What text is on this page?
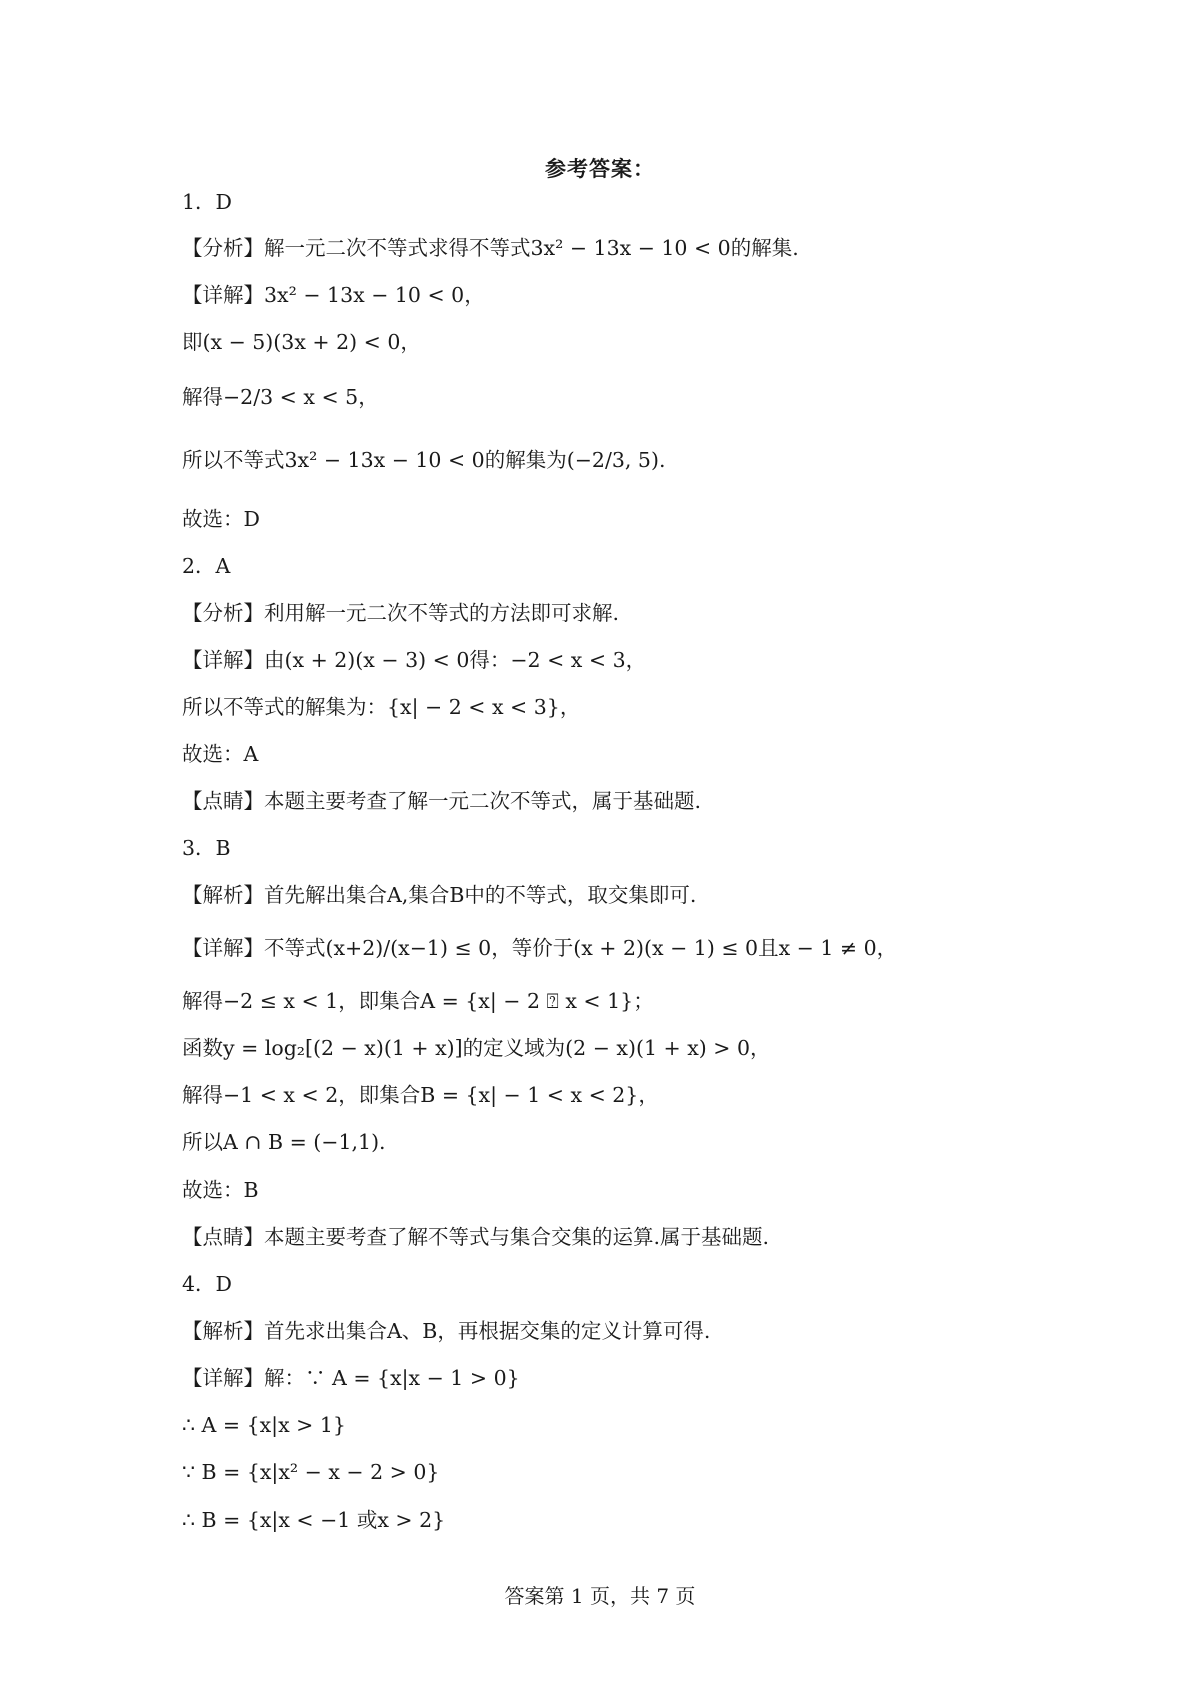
参考答案：

1．D

【分析】解一元二次不等式求得不等式3x² − 13x − 10 < 0的解集.

【详解】3x² − 13x − 10 < 0，

即(x − 5)(3x + 2) < 0，

解得−2/3 < x < 5，

所以不等式3x² − 13x − 10 < 0的解集为(−2/3, 5).

故选：D

2．A

【分析】利用解一元二次不等式的方法即可求解.

【详解】由(x + 2)(x − 3) < 0得：−2 < x < 3，

所以不等式的解集为：{x| − 2 < x < 3}，

故选：A

【点睛】本题主要考查了解一元二次不等式，属于基础题.

3．B

【解析】首先解出集合A,集合B中的不等式，取交集即可.

【详解】不等式(x+2)/(x−1) ≤ 0，等价于(x + 2)(x − 1) ≤ 0且x − 1 ≠ 0，

解得−2 ≤ x < 1，即集合A = {x| − 2 ⍰ x < 1}；

函数y = log₂[(2 − x)(1 + x)]的定义域为(2 − x)(1 + x) > 0，

解得−1 < x < 2，即集合B = {x| − 1 < x < 2}，

所以A ∩ B = (−1,1).

故选：B

【点睛】本题主要考查了解不等式与集合交集的运算.属于基础题.

4．D

【解析】首先求出集合A、B，再根据交集的定义计算可得.

【详解】解：∵ A = {x|x − 1 > 0}

∴ A = {x|x > 1}

∵ B = {x|x² − x − 2 > 0}

∴ B = {x|x < −1 或x > 2}

答案第 1 页，共 7 页
